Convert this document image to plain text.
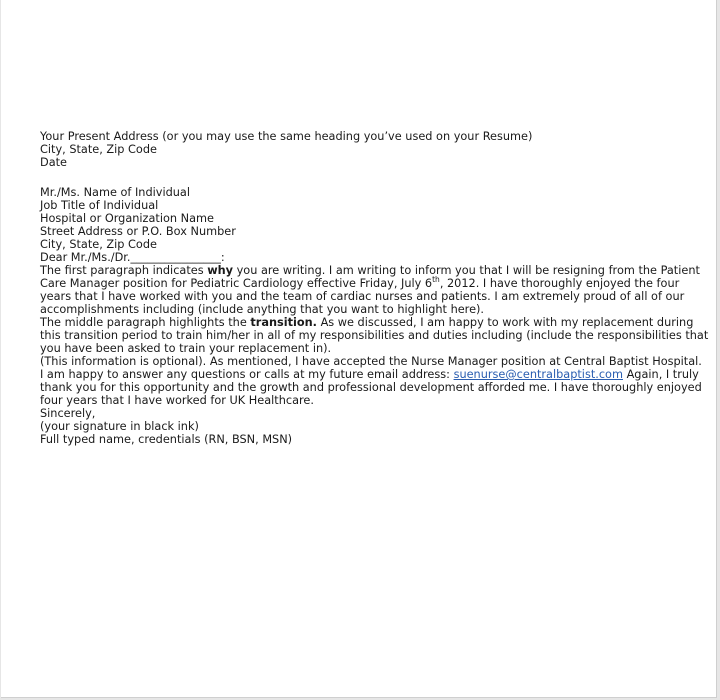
Your Present Address (or you may use the same heading you’ve used on your Resume)
City, State, Zip Code
Date
Mr./Ms. Name of Individual
Job Title of Individual
Hospital or Organization Name
Street Address or P.O. Box Number
City, State, Zip Code

Dear Mr./Ms./Dr.________________:

The first paragraph indicates why you are writing. I am writing to inform you that I will be resigning from the Patient
Care Manager position for Pediatric Cardiology effective Friday, July 6th, 2012. I have thoroughly enjoyed the four
years that I have worked with you and the team of cardiac nurses and patients. I am extremely proud of all of our
accomplishments including (include anything that you want to highlight here).

The middle paragraph highlights the transition. As we discussed, I am happy to work with my replacement during
this transition period to train him/her in all of my responsibilities and duties including (include the responsibilities that
you have been asked to train your replacement in).

(This information is optional). As mentioned, I have accepted the Nurse Manager position at Central Baptist Hospital.
I am happy to answer any questions or calls at my future email address: suenurse@centralbaptist.com Again, I truly
thank you for this opportunity and the growth and professional development afforded me. I have thoroughly enjoyed
four years that I have worked for UK Healthcare.

Sincerely,

(your signature in black ink)

Full typed name, credentials (RN, BSN, MSN)
